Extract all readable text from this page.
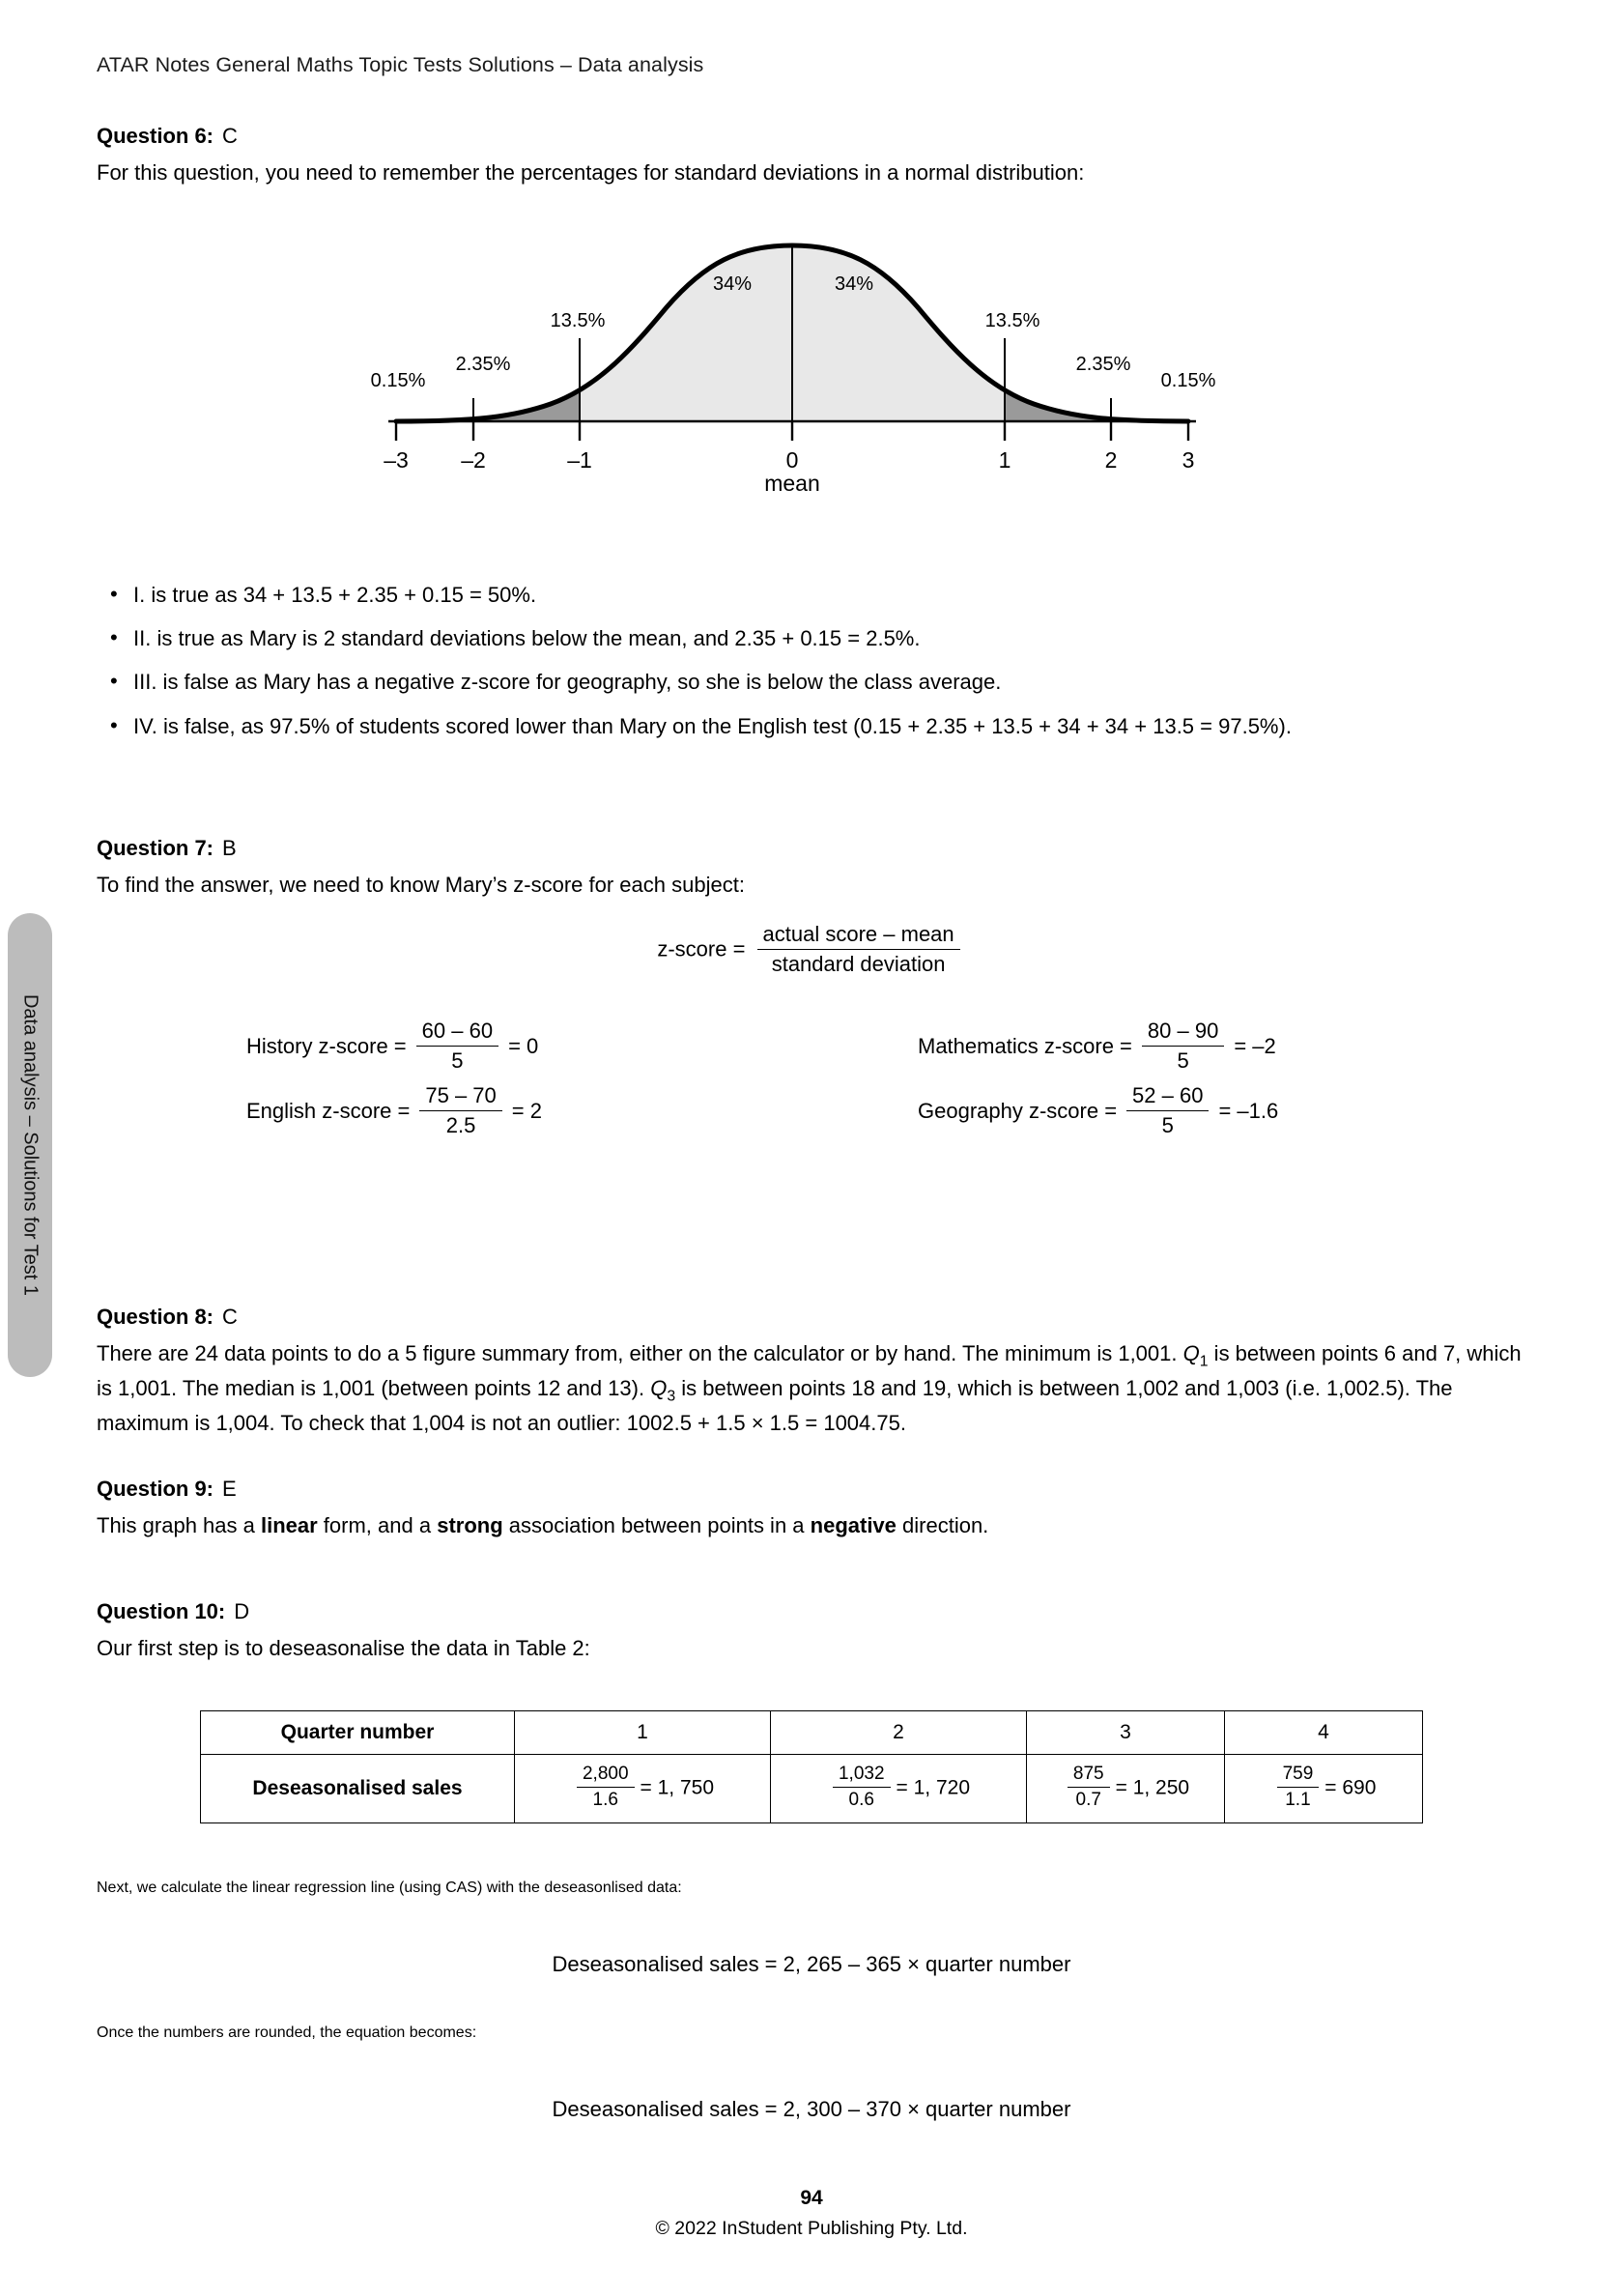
ATAR Notes General Maths Topic Tests Solutions – Data analysis
Data analysis – Solutions for Test 1
Question 6: C
For this question, you need to remember the percentages for standard deviations in a normal distribution:
–3 –2	–1	0	1	2	3
mean
0.15%
2.35%
13.5%
34%	34%
13.5%
2.35%
0.15%
• I. is true as 34 + 13.5 + 2.35 + 0.15 = 50%.
• II. is true as Mary is 2 standard deviations below the mean, and 2.35 + 0.15 = 2.5%.
• III. is false as Mary has a negative z-score for geography, so she is below the class average.
• IV. is false, as 97.5% of students scored lower than Mary on the English test (0.15 + 2.35 + 13.5 + 34 + 34 + 13.5 = 97.5%).
Question 7: B
To find the answer, we need to know Mary’s z-score for each subject:
z-score = $\frac{\text{actual score – mean}}{\text{standard deviation}}$
History z-score = $\frac{60 - 60}{5} = 0$
English z-score = $\frac{75 - 70}{2.5} = 2$
Mathematics z-score = $\frac{80 - 90}{5} = -2$
Geography z-score = $\frac{52 - 60}{5} = -1.6$
Question 8: C
There are 24 data points to do a 5 figure summary from, either on the calculator or by hand. The minimum is 1,001. $Q_1$ is between points 6 and 7, which is 1,001. The median is 1,001 (between points 12 and 13). $Q_3$ is between points 18 and 19, which is between 1,002 and 1,003 (i.e. 1,002.5). The maximum is 1,004. To check that 1,004 is not an outlier: 1002.5 + 1.5 × 1.5 = 1004.75.
Question 9: E
This graph has a linear form, and a strong association between points in a negative direction.
Question 10: D
Our first step is to deseasonalise the data in Table 2:
Quarter number	1	2	3	4
Deseasonalised sales	$\frac{2,800}{1.6} = 1$, 750	$\frac{1,032}{0.6} = 1$, 720	$\frac{875}{0.7} = 1$, 250	$\frac{759}{1.1} = 690$
Next, we calculate the linear regression line (using CAS) with the deseasonlised data:
Deseasonalised sales = 2, 265 – 365 × quarter number
Once the numbers are rounded, the equation becomes:
Deseasonalised sales = 2, 300 – 370 × quarter number
94
© 2022 InStudent Publishing Pty. Ltd.
